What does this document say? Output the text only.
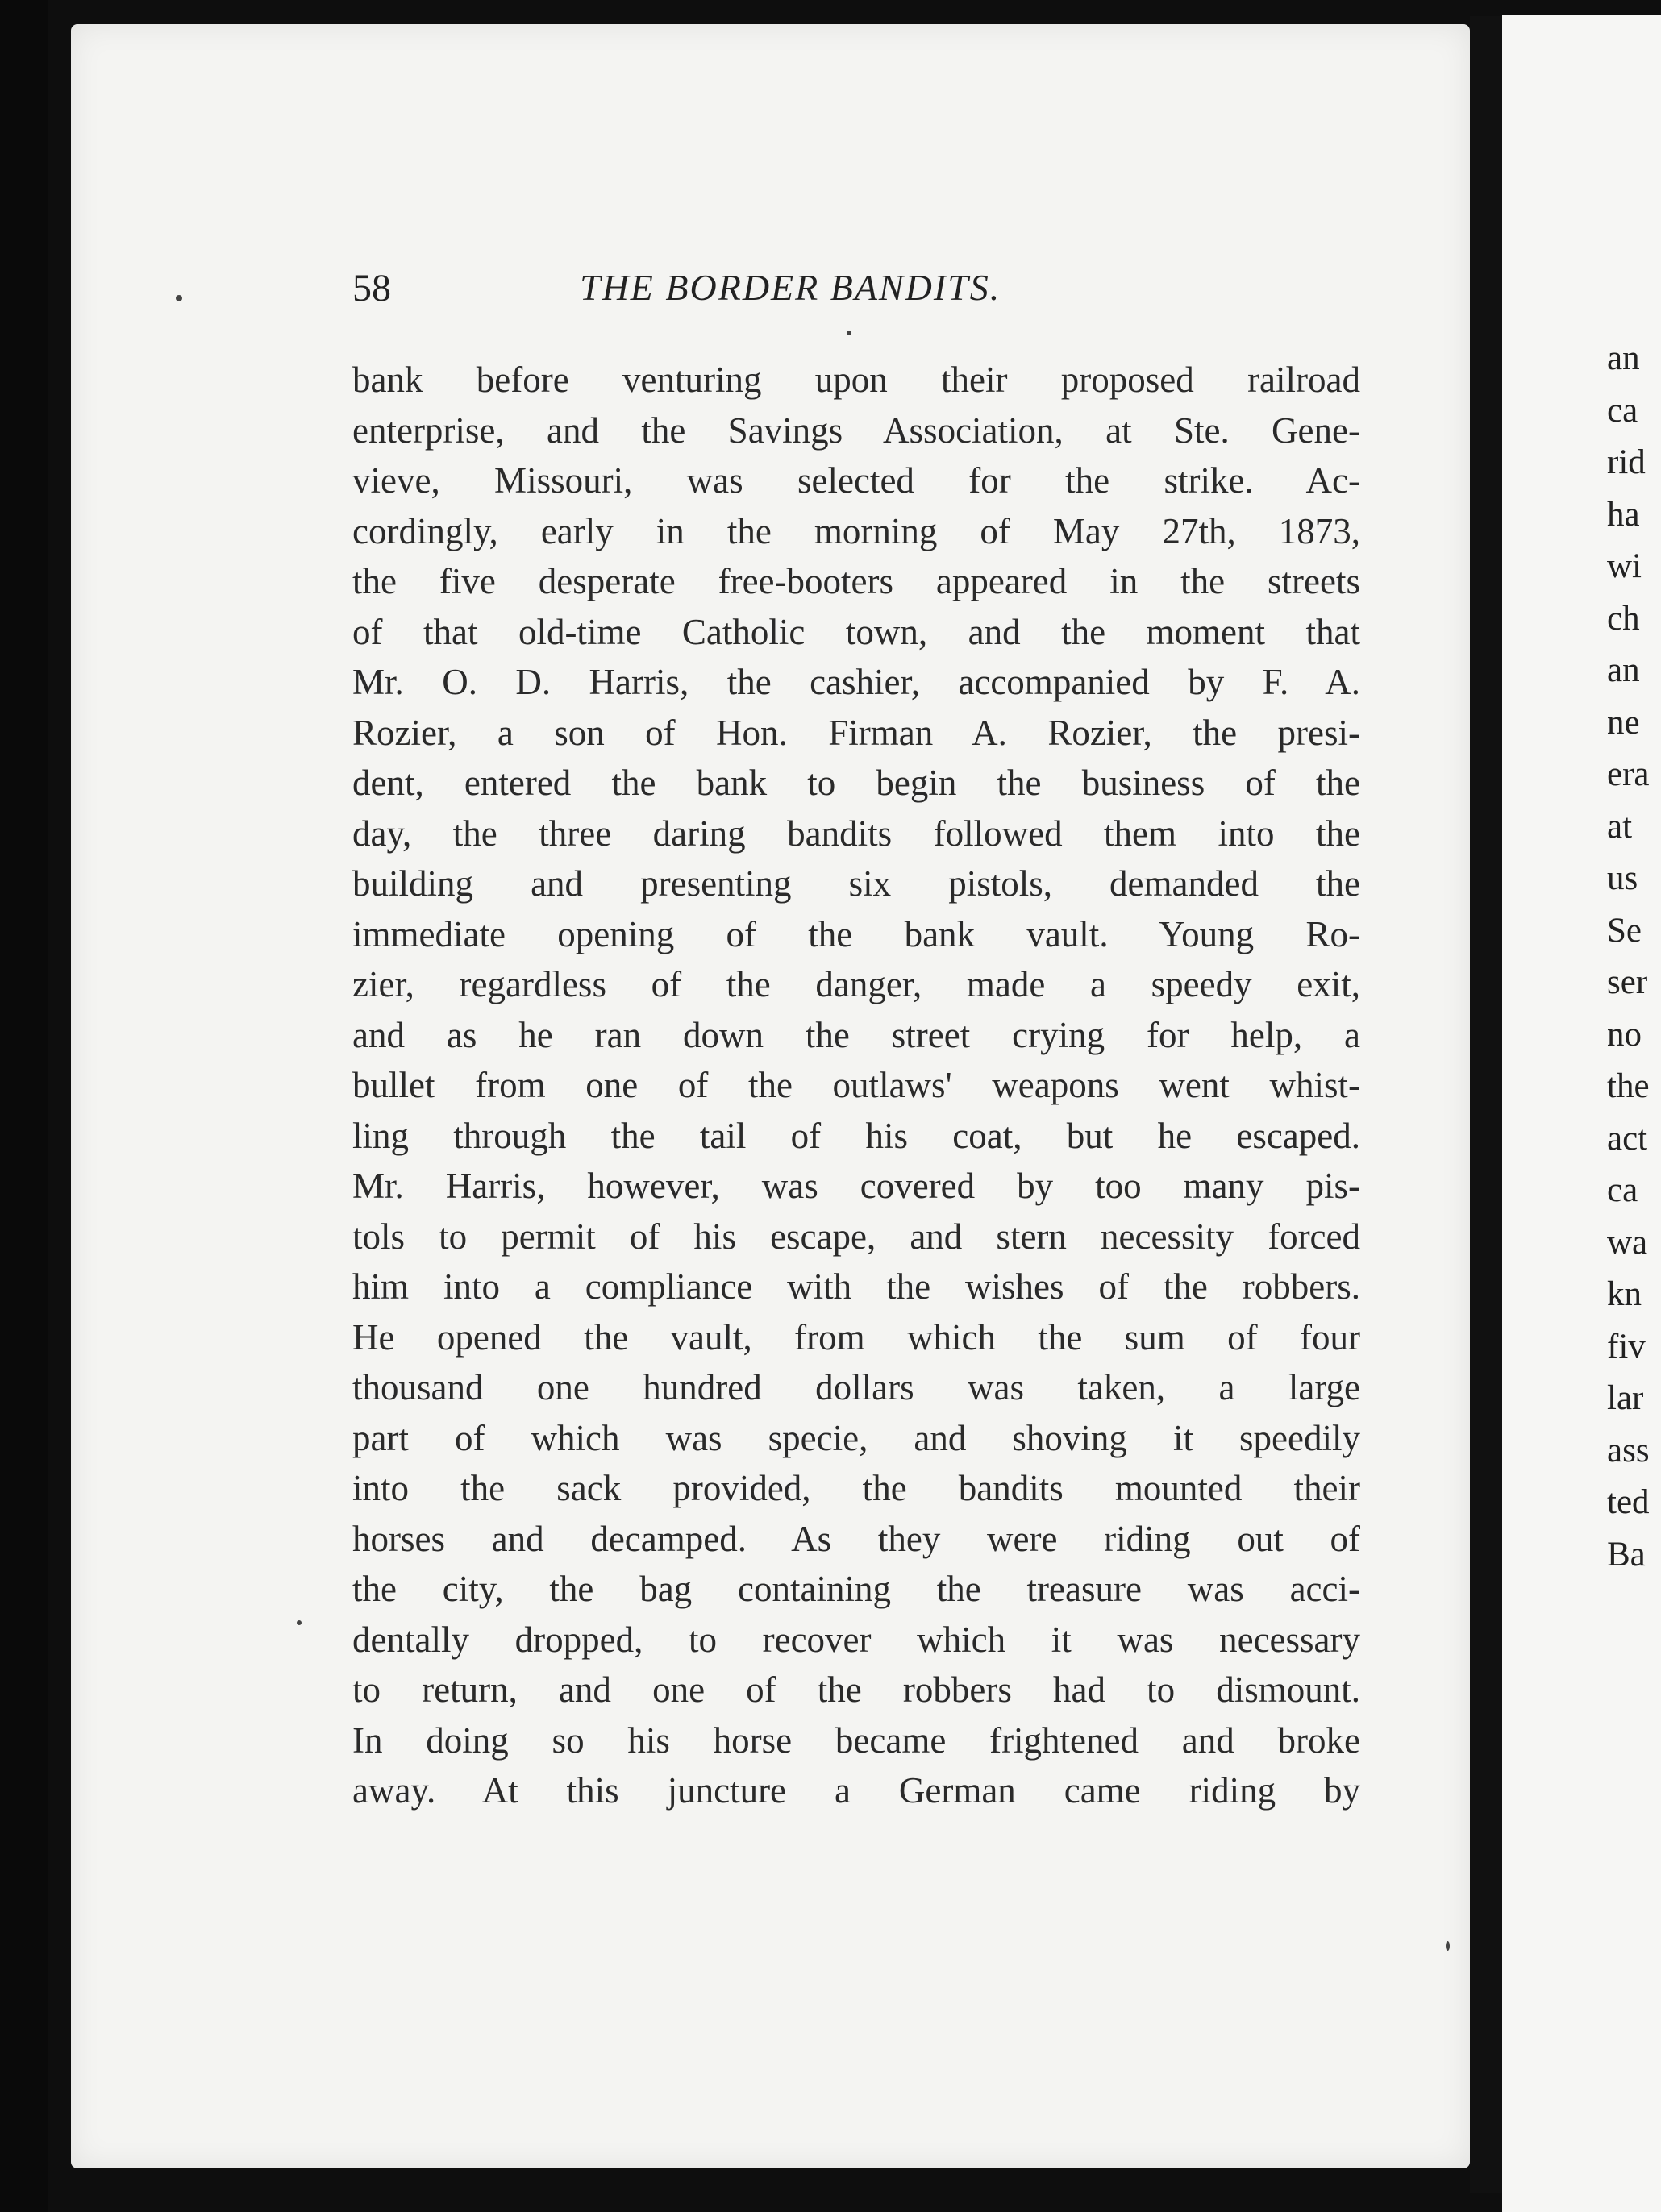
an
ca
rid
ha
wi
ch
an
ne
era
at
us
Se
ser
no
the
act
ca
wa
kn
fiv
lar
ass
ted
Ba
58	THE BORDER BANDITS.
bank before venturing upon their proposed railroad
enterprise, and the Savings Association, at Ste. Gene-
vieve, Missouri, was selected for the strike. Ac-
cordingly, early in the morning of May 27th, 1873,
the five desperate free-booters appeared in the streets
of that old-time Catholic town, and the moment that
Mr. O. D. Harris, the cashier, accompanied by F. A.
Rozier, a son of Hon. Firman A. Rozier, the presi-
dent, entered the bank to begin the business of the
day, the three daring bandits followed them into the
building and presenting six pistols, demanded the
immediate opening of the bank vault. Young Ro-
zier, regardless of the danger, made a speedy exit,
and as he ran down the street crying for help, a
bullet from one of the outlaws' weapons went whist-
ling through the tail of his coat, but he escaped.
Mr. Harris, however, was covered by too many pis-
tols to permit of his escape, and stern necessity forced
him into a compliance with the wishes of the robbers.
He opened the vault, from which the sum of four
thousand one hundred dollars was taken, a large
part of which was specie, and shoving it speedily
into the sack provided, the bandits mounted their
horses and decamped. As they were riding out of
the city, the bag containing the treasure was acci-
dentally dropped, to recover which it was necessary
to return, and one of the robbers had to dismount.
In doing so his horse became frightened and broke
away. At this juncture a German came riding by
